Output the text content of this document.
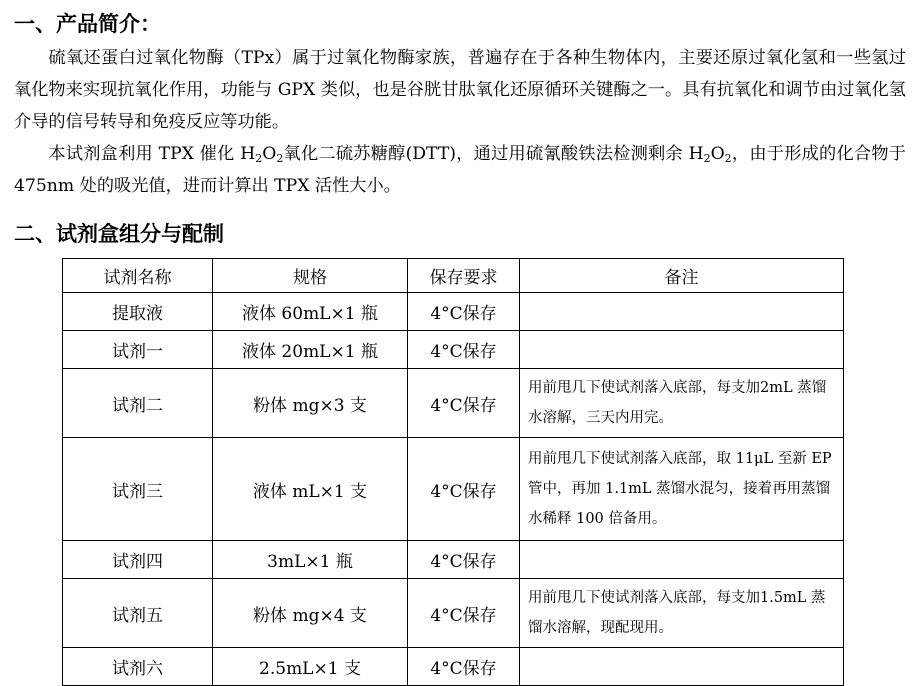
一、产品简介：

硫氧还蛋白过氧化物酶（TPx）属于过氧化物酶家族，普遍存在于各种生物体内，主要还原过氧化氢和一些氢过氧化物来实现抗氧化作用，功能与 GPX 类似，也是谷胱甘肽氧化还原循环关键酶之一。具有抗氧化和调节由过氧化氢介导的信号转导和免疫反应等功能。

本试剂盒利用 TPX 催化 $H_2O_2$氧化二硫苏糖醇(DTT)，通过用硫氰酸铁法检测剩余 $H_2O_2$，由于形成的化合物于 475nm 处的吸光值，进而计算出 TPX 活性大小。

二、试剂盒组分与配制
试剂名称	规格	保存要求	备注
提取液	液体 60mL×1 瓶	4°C保存	
试剂一	液体 20mL×1 瓶	4°C保存	
试剂二	粉体 mg×3 支	4°C保存	用前甩几下使试剂落入底部，每支加2mL 蒸馏水溶解，三天内用完。
试剂三	液体 mL×1 支	4°C保存	用前甩几下使试剂落入底部，取 11μL 至新 EP 管中，再加 1.1mL 蒸馏水混匀，接着再用蒸馏水稀释 100 倍备用。
试剂四	3mL×1 瓶	4°C保存	
试剂五	粉体 mg×4 支	4°C保存	用前甩几下使试剂落入底部，每支加1.5mL 蒸馏水溶解，现配现用。
试剂六	2.5mL×1 支	4°C保存	
